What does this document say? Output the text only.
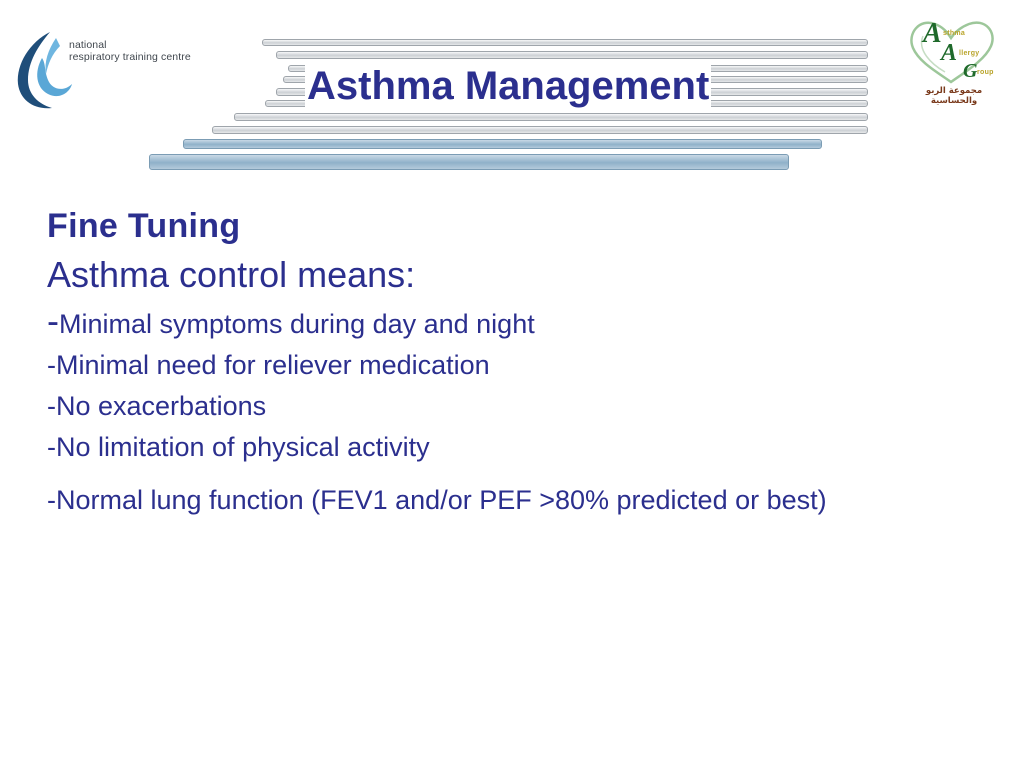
national
respiratory training centre
Asthma Management
A sthma
A llergy
G roup
مجموعة الربو والحساسية
Fine Tuning
Asthma control means:

-Minimal symptoms during day and night

-Minimal need for reliever medication

-No exacerbations

-No limitation of physical activity

-Normal lung function (FEV1 and/or PEF >80% predicted or best)
